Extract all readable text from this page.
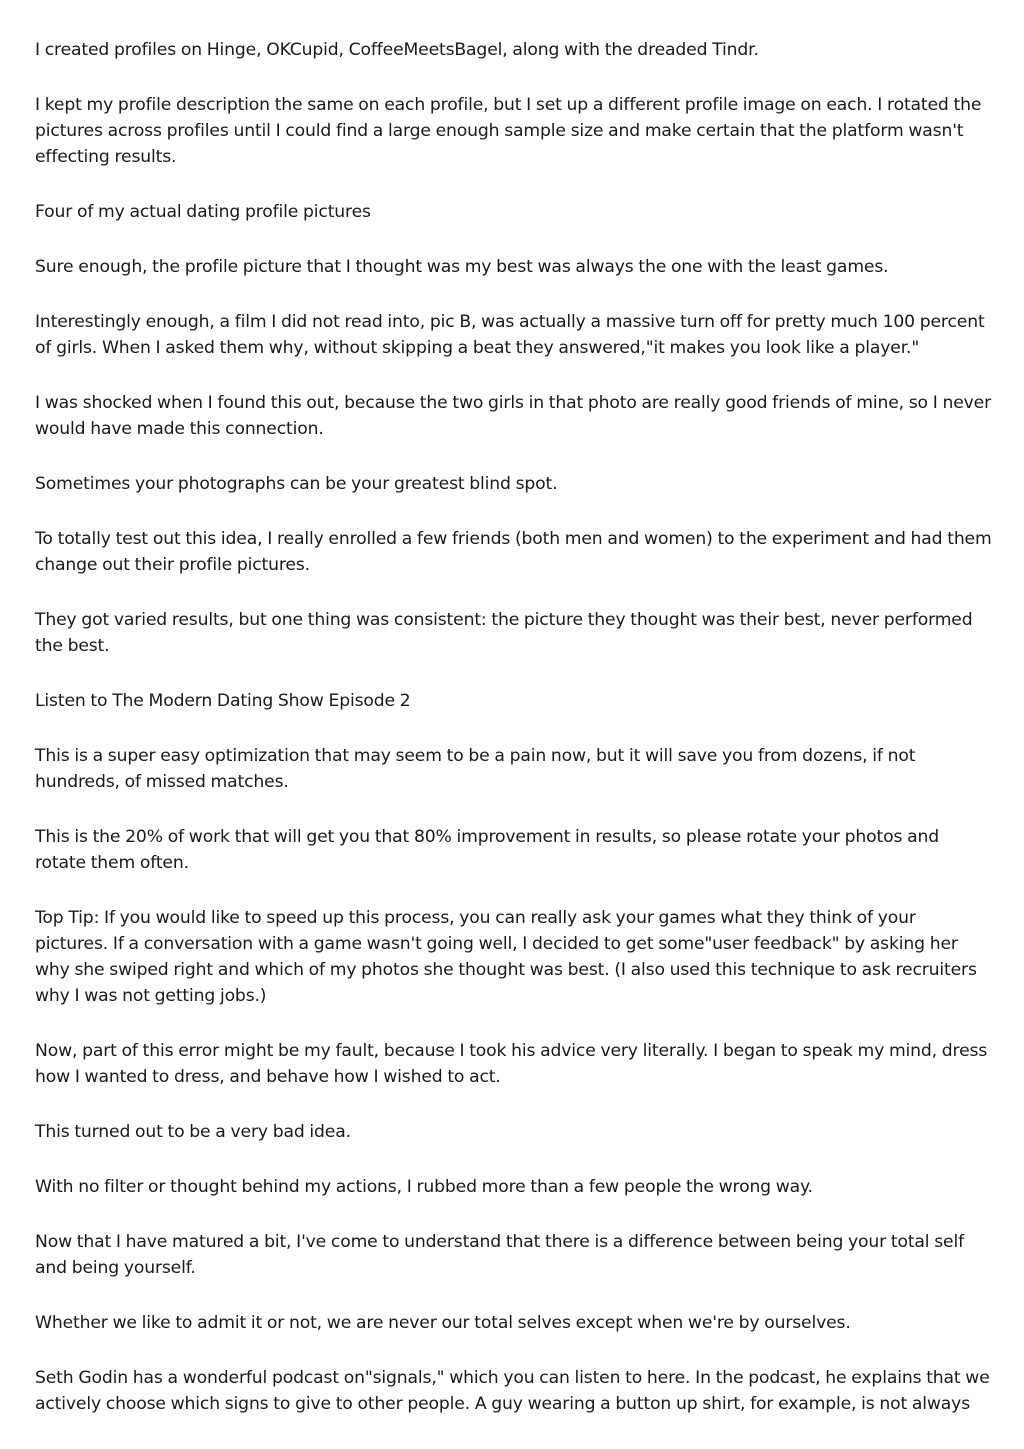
I created profiles on Hinge, OKCupid, CoffeeMeetsBagel, along with the dreaded Tindr.

I kept my profile description the same on each profile, but I set up a different profile image on each. I rotated the pictures across profiles until I could find a large enough sample size and make certain that the platform wasn't effecting results.

Four of my actual dating profile pictures

Sure enough, the profile picture that I thought was my best was always the one with the least games.

Interestingly enough, a film I did not read into, pic B, was actually a massive turn off for pretty much 100 percent of girls. When I asked them why, without skipping a beat they answered,"it makes you look like a player."

I was shocked when I found this out, because the two girls in that photo are really good friends of mine, so I never would have made this connection.

Sometimes your photographs can be your greatest blind spot.

To totally test out this idea, I really enrolled a few friends (both men and women) to the experiment and had them change out their profile pictures.

They got varied results, but one thing was consistent: the picture they thought was their best, never performed the best.

Listen to The Modern Dating Show Episode 2

This is a super easy optimization that may seem to be a pain now, but it will save you from dozens, if not hundreds, of missed matches.

This is the 20% of work that will get you that 80% improvement in results, so please rotate your photos and rotate them often.

Top Tip: If you would like to speed up this process, you can really ask your games what they think of your pictures. If a conversation with a game wasn't going well, I decided to get some"user feedback" by asking her why she swiped right and which of my photos she thought was best. (I also used this technique to ask recruiters why I was not getting jobs.)

Now, part of this error might be my fault, because I took his advice very literally. I began to speak my mind, dress how I wanted to dress, and behave how I wished to act.

This turned out to be a very bad idea.

With no filter or thought behind my actions, I rubbed more than a few people the wrong way.

Now that I have matured a bit, I've come to understand that there is a difference between being your total self and being yourself.

Whether we like to admit it or not, we are never our total selves except when we're by ourselves.

Seth Godin has a wonderful podcast on"signals," which you can listen to here. In the podcast, he explains that we actively choose which signs to give to other people. A guy wearing a button up shirt, for example, is not always
